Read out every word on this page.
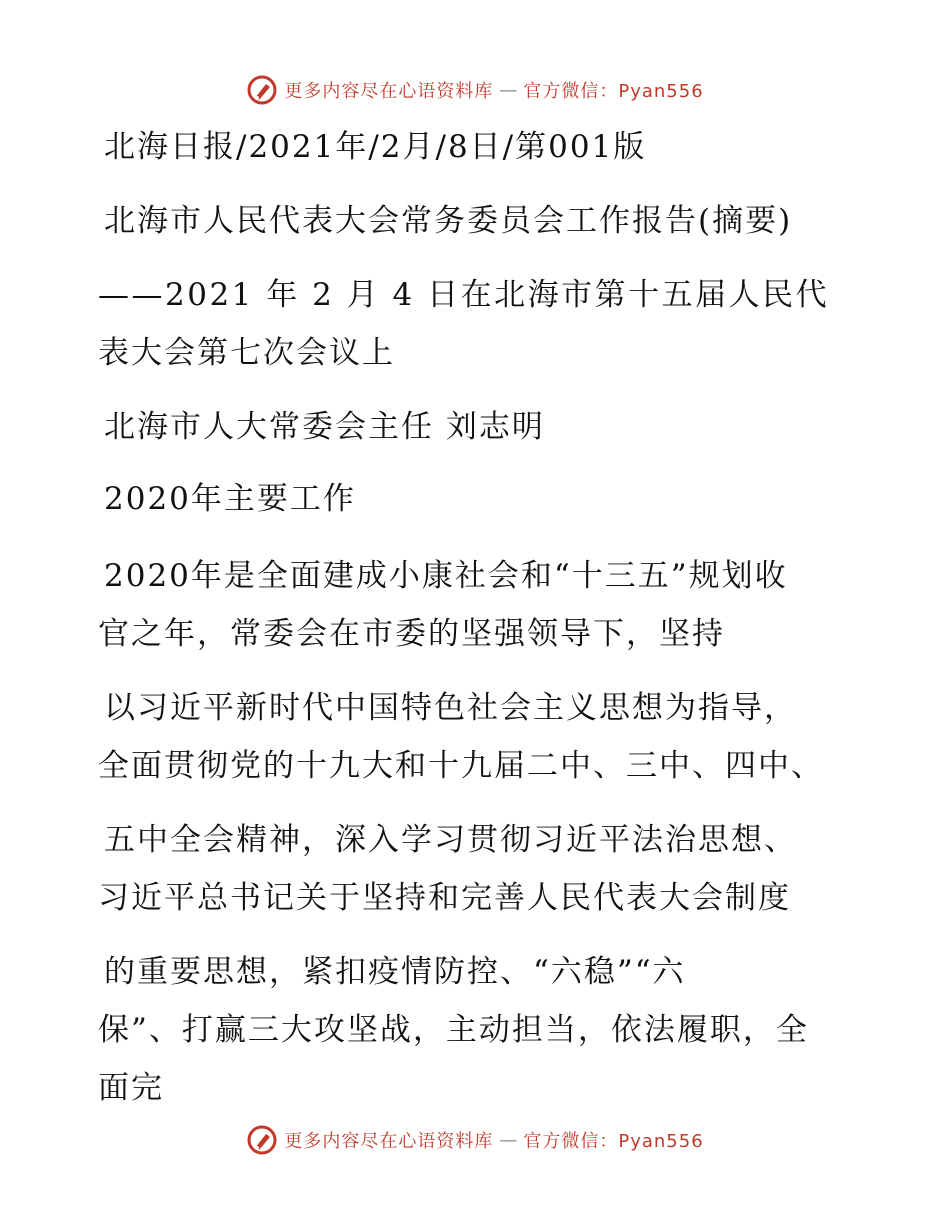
更多内容尽在心语资料库 — 官方微信：Pyan556
北海日报/2021年/2月/8日/第001版
北海市人民代表大会常务委员会工作报告(摘要)
——2021 年 2 月 4 日在北海市第十五届人民代
表大会第七次会议上
北海市人大常委会主任 刘志明
2020年主要工作
2020年是全面建成小康社会和“十三五”规划收
官之年，常委会在市委的坚强领导下，坚持
以习近平新时代中国特色社会主义思想为指导，
全面贯彻党的十九大和十九届二中、三中、四中、
五中全会精神，深入学习贯彻习近平法治思想、
习近平总书记关于坚持和完善人民代表大会制度
的重要思想，紧扣疫情防控、“六稳”“六
保”、打赢三大攻坚战，主动担当，依法履职，全
面完
更多内容尽在心语资料库 — 官方微信：Pyan556
